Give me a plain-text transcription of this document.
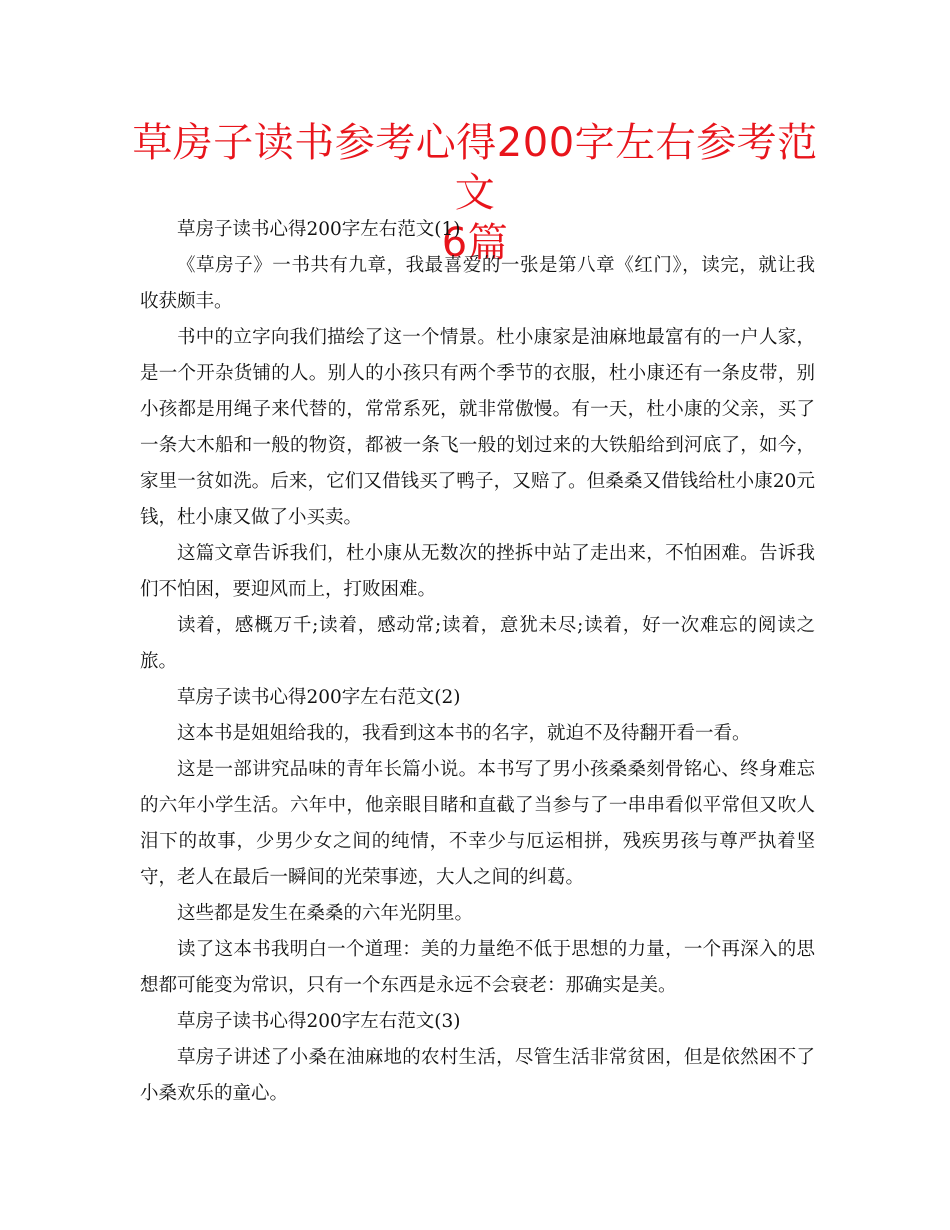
草房子读书参考心得200字左右参考范文
6篇

草房子读书心得200字左右范文(1)

《草房子》一书共有九章，我最喜爱的一张是第八章《红门》，读完，就让我收获颇丰。

书中的立字向我们描绘了这一个情景。杜小康家是油麻地最富有的一户人家，是一个开杂货铺的人。别人的小孩只有两个季节的衣服，杜小康还有一条皮带，别小孩都是用绳子来代替的，常常系死，就非常傲慢。有一天，杜小康的父亲，买了一条大木船和一般的物资，都被一条飞一般的划过来的大铁船给到河底了，如今，家里一贫如洗。后来，它们又借钱买了鸭子，又赔了。但桑桑又借钱给杜小康20元钱，杜小康又做了小买卖。

这篇文章告诉我们，杜小康从无数次的挫拆中站了走出来，不怕困难。告诉我们不怕困，要迎风而上，打败困难。

读着，感概万千;读着，感动常;读着，意犹未尽;读着，好一次难忘的阅读之旅。

草房子读书心得200字左右范文(2)

这本书是姐姐给我的，我看到这本书的名字，就迫不及待翻开看一看。

这是一部讲究品味的青年长篇小说。本书写了男小孩桑桑刻骨铭心、终身难忘的六年小学生活。六年中，他亲眼目睹和直截了当参与了一串串看似平常但又吹人泪下的故事，少男少女之间的纯情，不幸少与厄运相拼，残疾男孩与尊严执着坚守，老人在最后一瞬间的光荣事迹，大人之间的纠葛。

这些都是发生在桑桑的六年光阴里。

读了这本书我明白一个道理：美的力量绝不低于思想的力量，一个再深入的思想都可能变为常识，只有一个东西是永远不会衰老：那确实是美。

草房子读书心得200字左右范文(3)

草房子讲述了小桑在油麻地的农村生活，尽管生活非常贫困，但是依然困不了小桑欢乐的童心。
